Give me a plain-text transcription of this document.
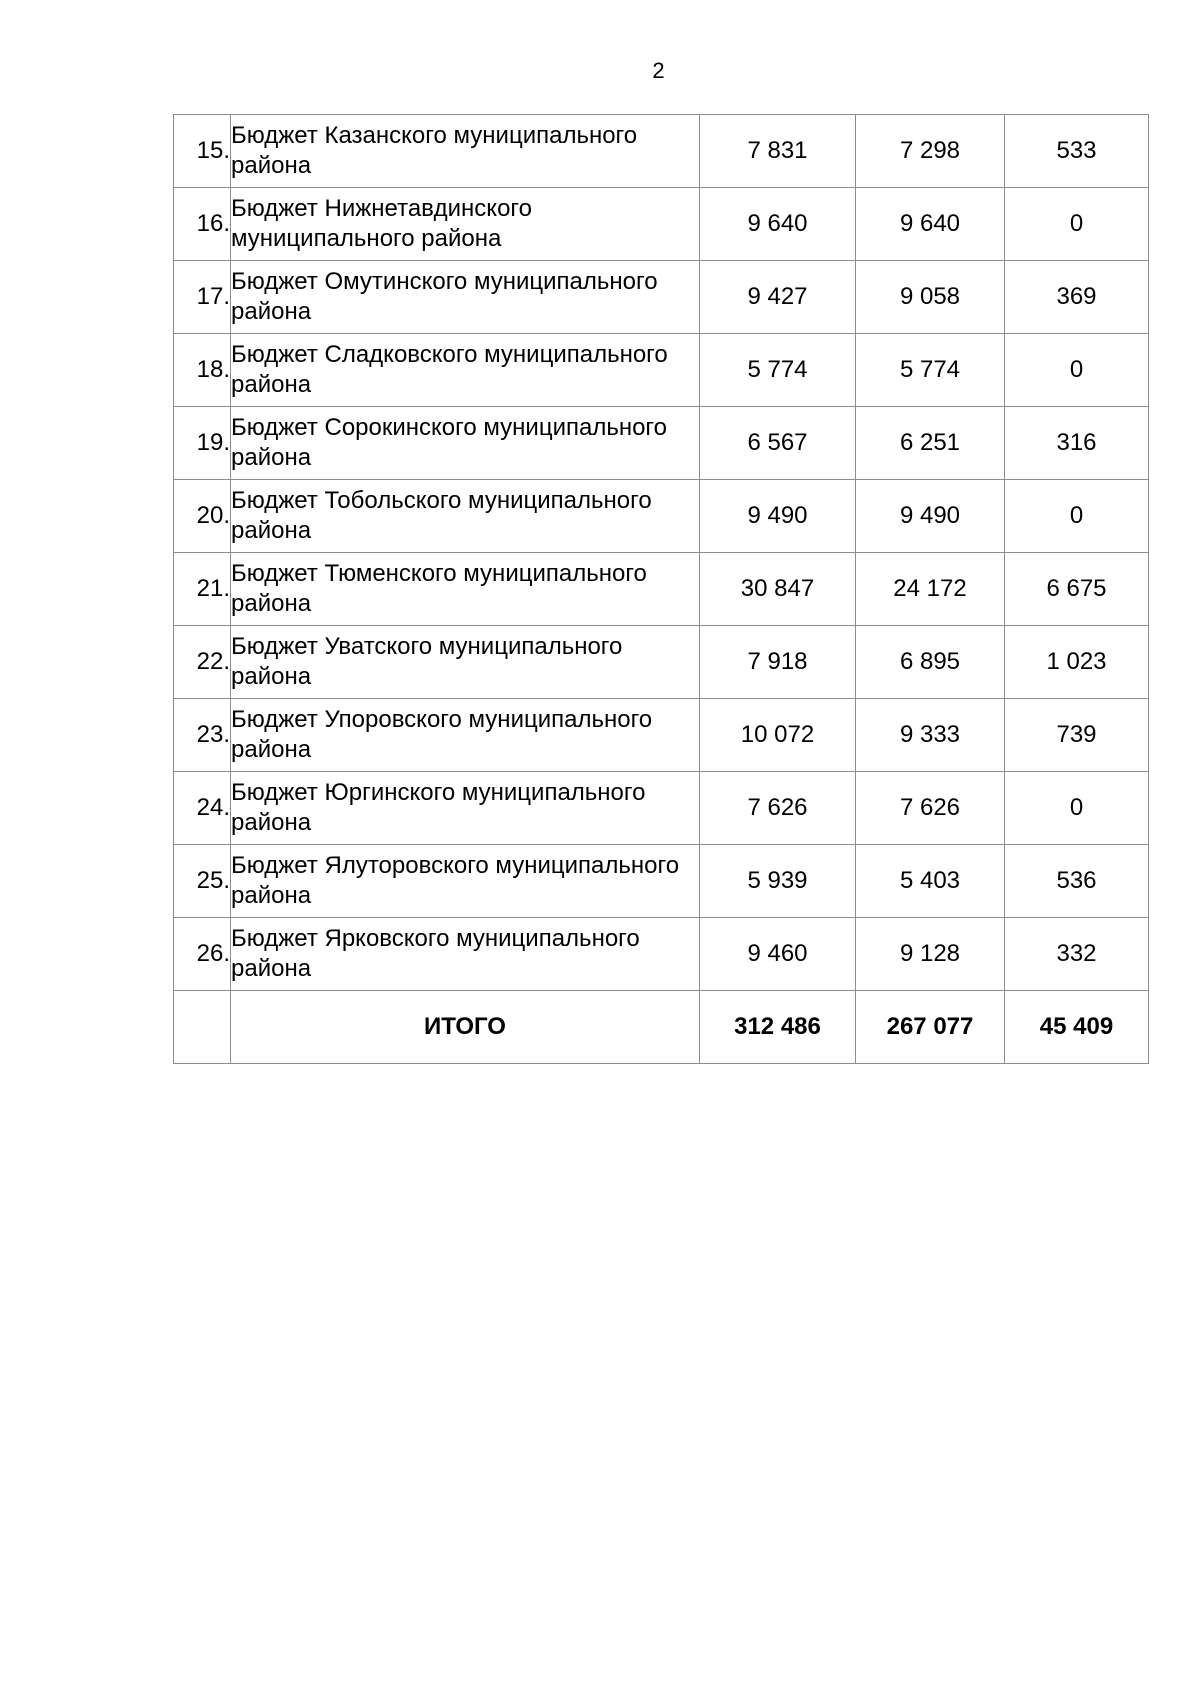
2
15.	Бюджет Казанского муниципального района	7 831	7 298	533
16.	Бюджет Нижнетавдинского муниципального района	9 640	9 640	0
17.	Бюджет Омутинского муниципального района	9 427	9 058	369
18.	Бюджет Сладковского муниципального района	5 774	5 774	0
19.	Бюджет Сорокинского муниципального района	6 567	6 251	316
20.	Бюджет Тобольского муниципального района	9 490	9 490	0
21.	Бюджет Тюменского муниципального района	30 847	24 172	6 675
22.	Бюджет Уватского муниципального района	7 918	6 895	1 023
23.	Бюджет Упоровского муниципального района	10 072	9 333	739
24.	Бюджет Юргинского муниципального района	7 626	7 626	0
25.	Бюджет Ялуторовского муниципального района	5 939	5 403	536
26.	Бюджет Ярковского муниципального района	9 460	9 128	332
	ИТОГО	312 486	267 077	45 409
